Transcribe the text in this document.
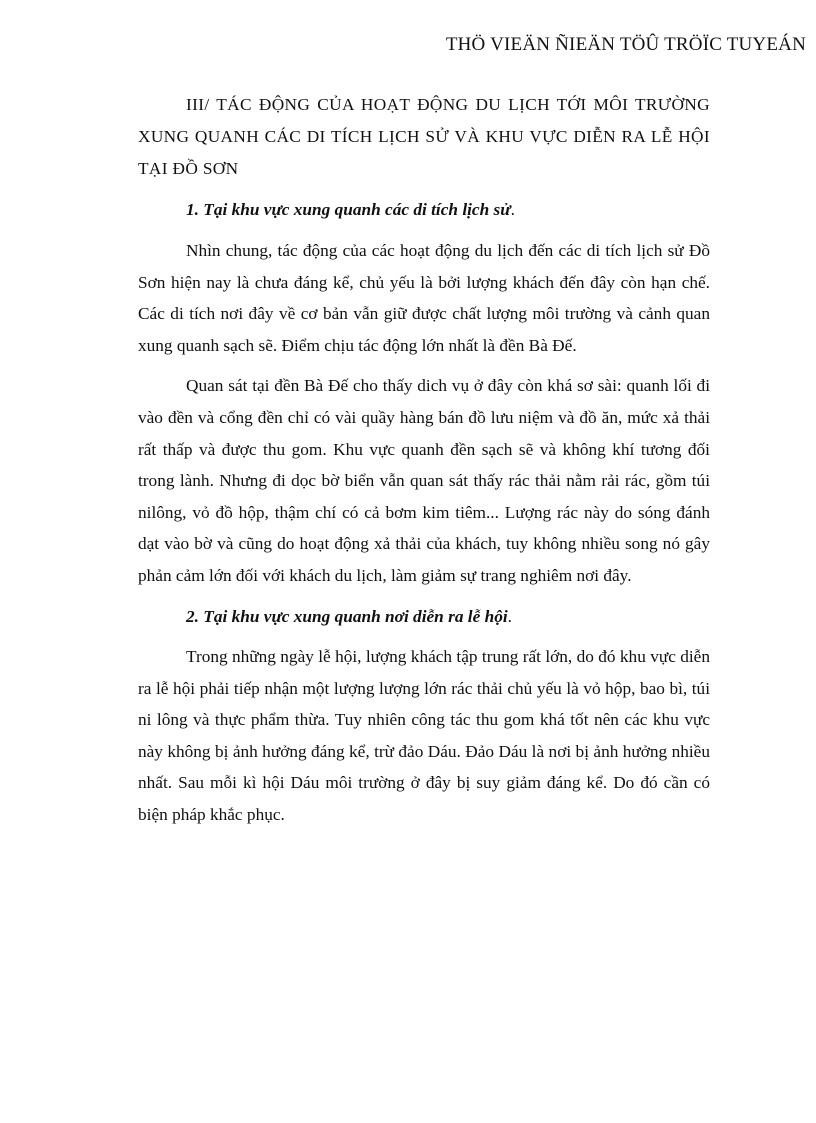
THÖ VIEÄN ÑIEÄN TÖÛ TRÖÏC TUYEÁN

III/ TÁC ĐỘNG CỦA HOẠT ĐỘNG DU LỊCH TỚI MÔI TRƯỜNG XUNG QUANH CÁC DI TÍCH LỊCH SỬ VÀ KHU VỰC DIỄN RA LỄ HỘI TẠI ĐỒ SƠN

1. Tại khu vực xung quanh các di tích lịch sử.

Nhìn chung, tác động của các hoạt động du lịch đến các di tích lịch sử Đồ Sơn hiện nay là chưa đáng kể, chủ yếu là bởi lượng khách đến đây còn hạn chế. Các di tích nơi đây về cơ bản vẫn giữ được chất lượng môi trường và cảnh quan xung quanh sạch sẽ. Điểm chịu tác động lớn nhất là đền Bà Đế.

Quan sát tại đền Bà Đế cho thấy dich vụ ở đây còn khá sơ sài: quanh lối đi vào đền và cổng đền chỉ có vài quầy hàng bán đồ lưu niệm và đồ ăn, mức xả thải rất thấp và được thu gom. Khu vực quanh đền sạch sẽ và không khí tương đối trong lành. Nhưng đi dọc bờ biển vẫn quan sát thấy rác thải nằm rải rác, gồm túi nilông, vỏ đồ hộp, thậm chí có cả bơm kim tiêm... Lượng rác này do sóng đánh dạt vào bờ và cũng do hoạt động xả thải của khách, tuy không nhiều song nó gây phản cảm lớn đối với khách du lịch, làm giảm sự trang nghiêm nơi đây.

2. Tại khu vực xung quanh nơi diễn ra lễ hội.

Trong những ngày lễ hội, lượng khách tập trung rất lớn, do đó khu vực diễn ra lễ hội phải tiếp nhận một lượng lượng lớn rác thải chủ yếu là vỏ hộp, bao bì, túi ni lông và thực phẩm thừa. Tuy nhiên công tác thu gom khá tốt nên các khu vực này không bị ảnh hưởng đáng kể, trừ đảo Dáu. Đảo Dáu là nơi bị ảnh hưởng nhiều nhất. Sau mỗi kì hội Dáu môi trường ở đây bị suy giảm đáng kể. Do đó cần có biện pháp khắc phục.
